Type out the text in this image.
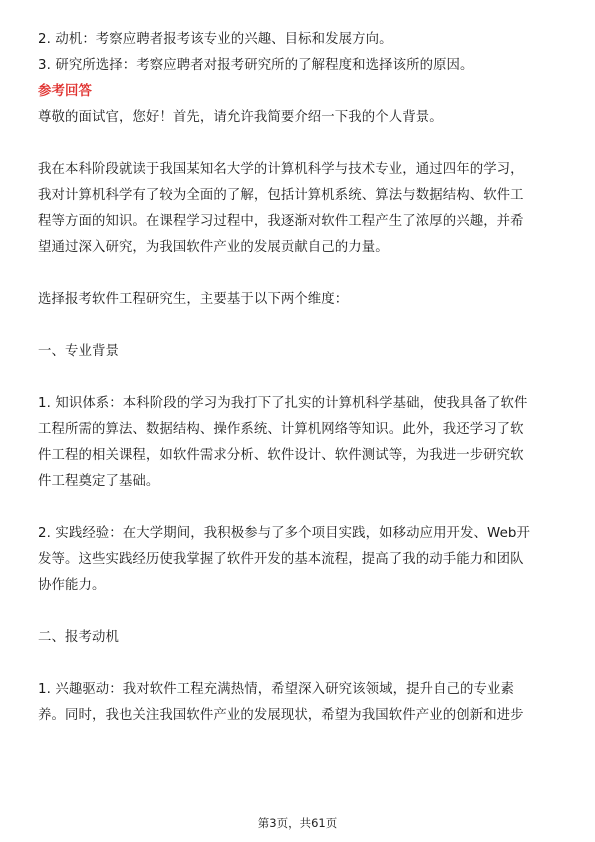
2. 动机：考察应聘者报考该专业的兴趣、目标和发展方向。

3. 研究所选择：考察应聘者对报考研究所的了解程度和选择该所的原因。

参考回答

尊敬的面试官，您好！首先，请允许我简要介绍一下我的个人背景。

我在本科阶段就读于我国某知名大学的计算机科学与技术专业，通过四年的学习，

我对计算机科学有了较为全面的了解，包括计算机系统、算法与数据结构、软件工

程等方面的知识。在课程学习过程中，我逐渐对软件工程产生了浓厚的兴趣，并希

望通过深入研究，为我国软件产业的发展贡献自己的力量。

选择报考软件工程研究生，主要基于以下两个维度：

一、专业背景

1. 知识体系：本科阶段的学习为我打下了扎实的计算机科学基础，使我具备了软件

工程所需的算法、数据结构、操作系统、计算机网络等知识。此外，我还学习了软

件工程的相关课程，如软件需求分析、软件设计、软件测试等，为我进一步研究软

件工程奠定了基础。

2. 实践经验：在大学期间，我积极参与了多个项目实践，如移动应用开发、Web开

发等。这些实践经历使我掌握了软件开发的基本流程，提高了我的动手能力和团队

协作能力。

二、报考动机

1. 兴趣驱动：我对软件工程充满热情，希望深入研究该领域，提升自己的专业素

养。同时，我也关注我国软件产业的发展现状，希望为我国软件产业的创新和进步

第3页，共61页
